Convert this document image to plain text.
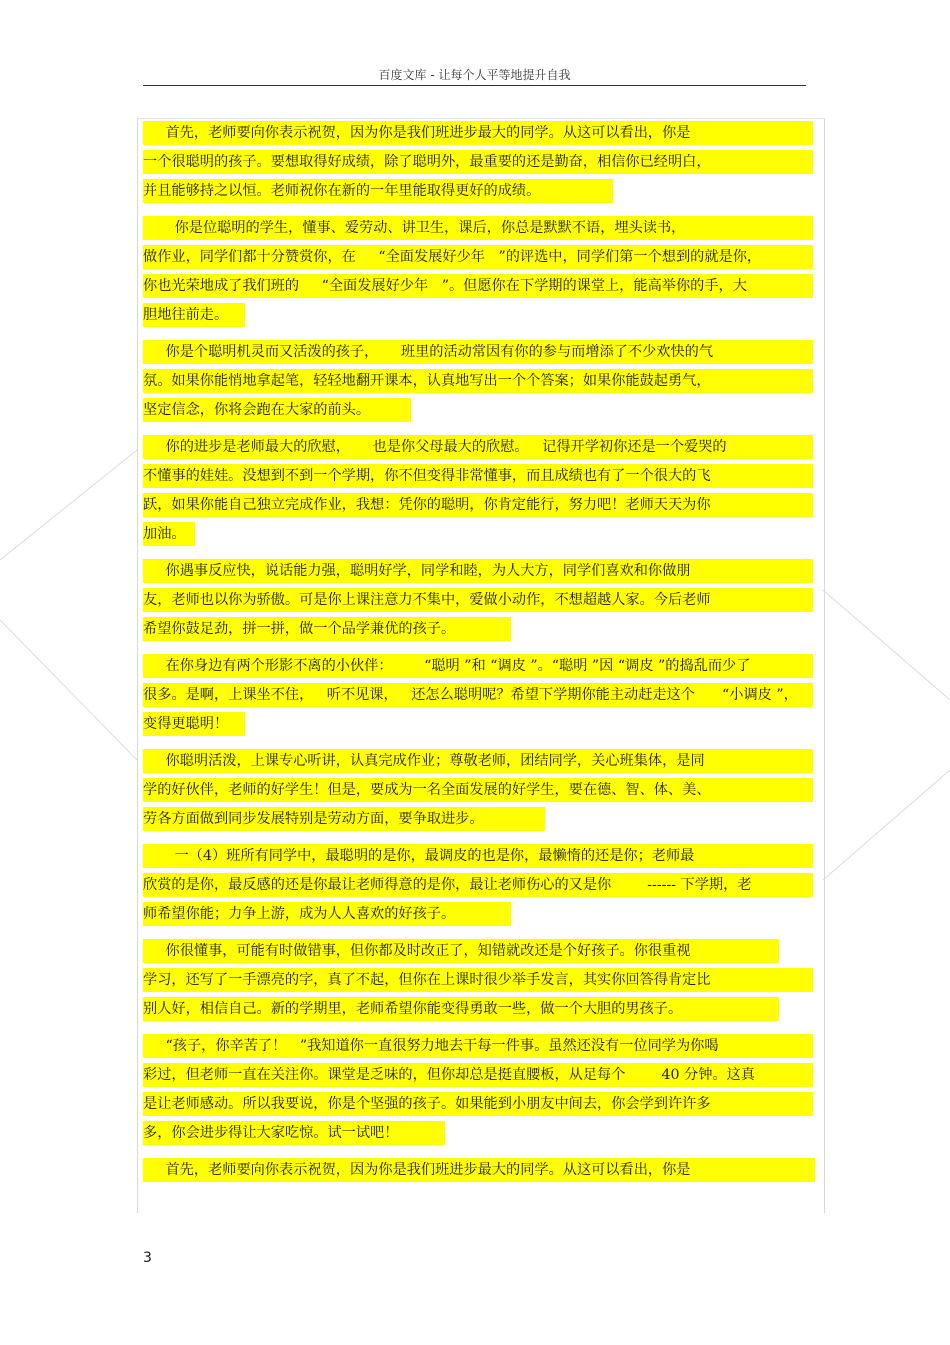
百度文库 - 让每个人平等地提升自我
首先，老师要向你表示祝贺，因为你是我们班进步最大的同学。从这可以看出，你是
一个很聪明的孩子。要想取得好成绩，除了聪明外，最重要的还是勤奋，相信你已经明白，
并且能够持之以恒。老师祝你在新的一年里能取得更好的成绩。
你是位聪明的学生，懂事、爱劳动、讲卫生，课后，你总是默默不语，埋头读书，
做作业，同学们都十分赞赏你，在     “全面发展好少年   ”的评选中，同学们第一个想到的就是你，
你也光荣地成了我们班的     “全面发展好少年   ”。但愿你在下学期的课堂上，能高举你的手，大
胆地往前走。
你是个聪明机灵而又活泼的孩子，     班里的活动常因有你的参与而增添了不少欢快的气
氛。如果你能悄地拿起笔，轻轻地翻开课本，认真地写出一个个答案；如果你能鼓起勇气，
坚定信念，你将会跑在大家的前头。
你的进步是老师最大的欣慰，     也是你父母最大的欣慰。   记得开学初你还是一个爱哭的
不懂事的娃娃。没想到不到一个学期，你不但变得非常懂事，而且成绩也有了一个很大的飞
跃，如果你能自己独立完成作业，我想：凭你的聪明，你肯定能行，努力吧！老师天天为你
加油。
你遇事反应快，说话能力强，聪明好学，同学和睦，为人大方，同学们喜欢和你做朋
友，老师也以你为骄傲。可是你上课注意力不集中，爱做小动作，不想超越人家。今后老师
希望你鼓足劲，拼一拼，做一个品学兼优的孩子。
在你身边有两个形影不离的小伙伴：       “聪明 ”和 “调皮 ”。“聪明 ”因 “调皮 ”的捣乱而少了
很多。是啊，上课坐不住，   听不见课，   还怎么聪明呢？希望下学期你能主动赶走这个      “小调皮 ”，
变得更聪明！
你聪明活泼，上课专心听讲，认真完成作业；尊敬老师，团结同学，关心班集体，是同
学的好伙伴，老师的好学生！但是，要成为一名全面发展的好学生，要在德、智、体、美、
劳各方面做到同步发展特别是劳动方面，要争取进步。
一（4）班所有同学中，最聪明的是你，最调皮的也是你，最懒惰的还是你；老师最
欣赏的是你，最反感的还是你最让老师得意的是你，最让老师伤心的又是你        ------ 下学期，老
师希望你能；力争上游，成为人人喜欢的好孩子。
你很懂事，可能有时做错事，但你都及时改正了，知错就改还是个好孩子。你很重视
学习，还写了一手漂亮的字，真了不起，但你在上课时很少举手发言，其实你回答得肯定比
别人好，相信自己。新的学期里，老师希望你能变得勇敢一些，做一个大胆的男孩子。
“孩子，你辛苦了！   ”我知道你一直很努力地去干每一件事。虽然还没有一位同学为你喝
彩过，但老师一直在关注你。课堂是乏味的，但你却总是挺直腰板，从足每个        40 分钟。这真
是让老师感动。所以我要说，你是个坚强的孩子。如果能到小朋友中间去，你会学到许许多
多，你会进步得让大家吃惊。试一试吧！
首先，老师要向你表示祝贺，因为你是我们班进步最大的同学。从这可以看出，你是
3
